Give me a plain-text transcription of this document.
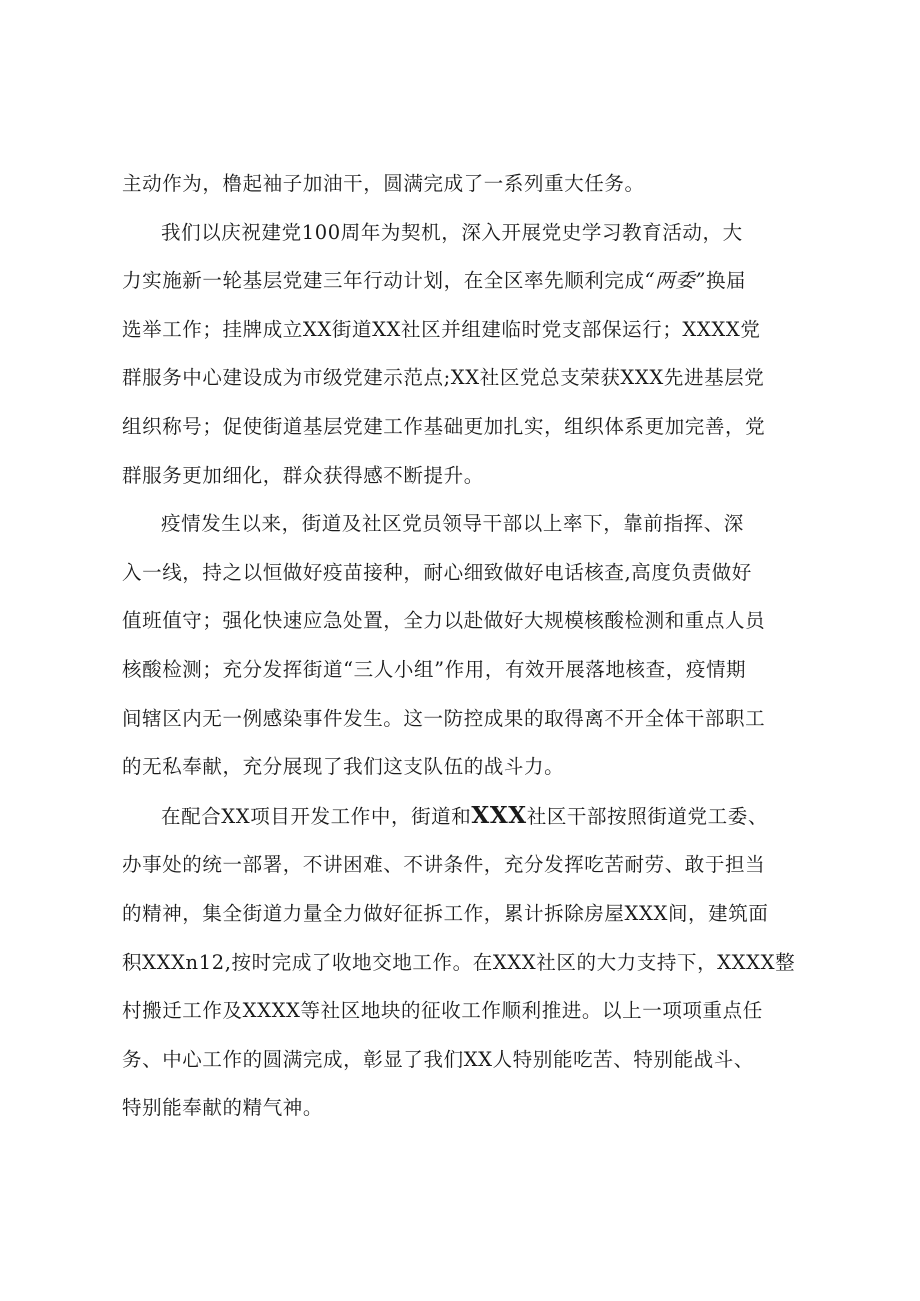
主动作为，橹起袖子加油干，圆满完成了一系列重大任务。

我们以庆祝建党100周年为契机，深入开展党史学习教育活动，大
力实施新一轮基层党建三年行动计划，在全区率先顺利完成“两委”换届
选举工作；挂牌成立XX街道XX社区并组建临时党支部保运行；XXXX党
群服务中心建设成为市级党建示范点;XX社区党总支荣获XXX先进基层党
组织称号；促使街道基层党建工作基础更加扎实，组织体系更加完善，党
群服务更加细化，群众获得感不断提升。

疫情发生以来，街道及社区党员领导干部以上率下，靠前指挥、深
入一线，持之以恒做好疫苗接种，耐心细致做好电话核查,高度负责做好
值班值守；强化快速应急处置，全力以赴做好大规模核酸检测和重点人员
核酸检测；充分发挥街道“三人小组”作用，有效开展落地核查，疫情期
间辖区内无一例感染事件发生。这一防控成果的取得离不开全体干部职工
的无私奉献，充分展现了我们这支队伍的战斗力。

在配合XX项目开发工作中，街道和XXX社区干部按照街道党工委、
办事处的统一部署，不讲困难、不讲条件，充分发挥吃苦耐劳、敢于担当
的精神，集全街道力量全力做好征拆工作，累计拆除房屋XXX间，建筑面
积XXXn12,按时完成了收地交地工作。在XXX社区的大力支持下，XXXX整
村搬迁工作及XXXX等社区地块的征收工作顺利推进。以上一项项重点任
务、中心工作的圆满完成，彰显了我们XX人特别能吃苦、特别能战斗、
特别能奉献的精气神。
